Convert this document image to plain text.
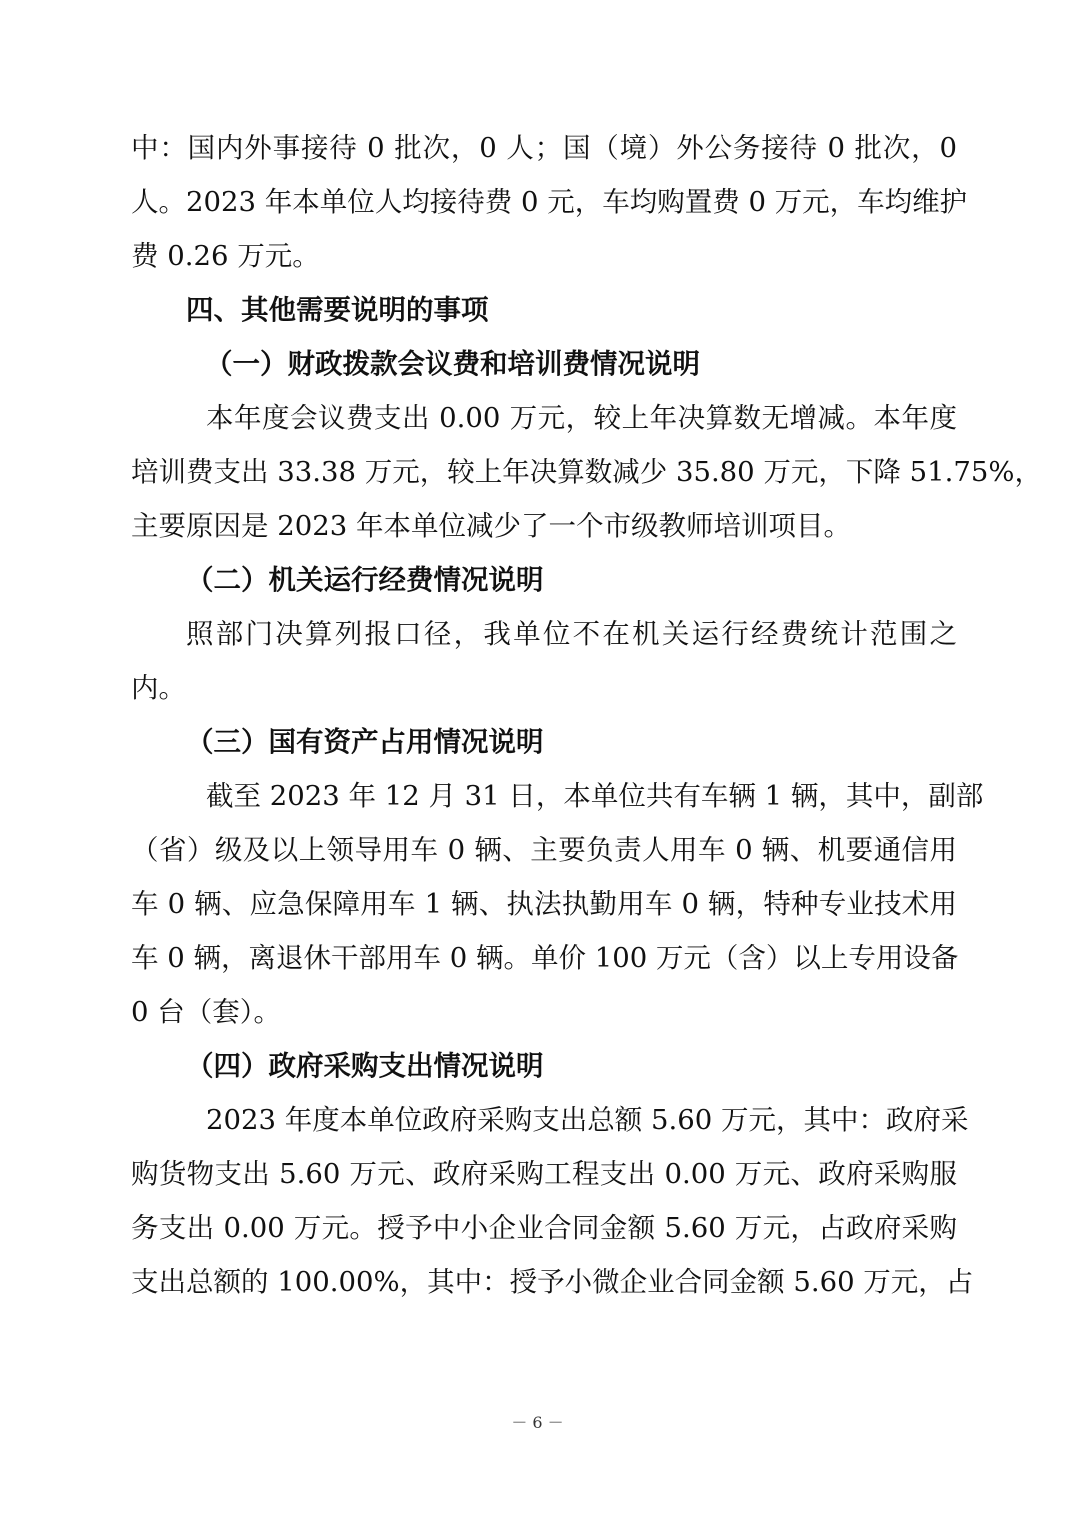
中：国内外事接待 0 批次，0 人；国（境）外公务接待 0 批次，0
人。2023 年本单位人均接待费 0 元，车均购置费 0 万元，车均维护
费 0.26 万元。
四、其他需要说明的事项
（一）财政拨款会议费和培训费情况说明
本年度会议费支出 0.00 万元，较上年决算数无增减。本年度
培训费支出 33.38 万元，较上年决算数减少 35.80 万元，下降 51.75%，
主要原因是 2023 年本单位减少了一个市级教师培训项目。
（二）机关运行经费情况说明
照部门决算列报口径，我单位不在机关运行经费统计范围之
内。
（三）国有资产占用情况说明
截至 2023 年 12 月 31 日，本单位共有车辆 1 辆，其中，副部
（省）级及以上领导用车 0 辆、主要负责人用车 0 辆、机要通信用
车 0 辆、应急保障用车 1 辆、执法执勤用车 0 辆，特种专业技术用
车 0 辆，离退休干部用车 0 辆。单价 100 万元（含）以上专用设备
0 台（套）。
（四）政府采购支出情况说明
2023 年度本单位政府采购支出总额 5.60 万元，其中：政府采
购货物支出 5.60 万元、政府采购工程支出 0.00 万元、政府采购服
务支出 0.00 万元。授予中小企业合同金额 5.60 万元，占政府采购
支出总额的 100.00%，其中：授予小微企业合同金额 5.60 万元，占
－ 6 －
